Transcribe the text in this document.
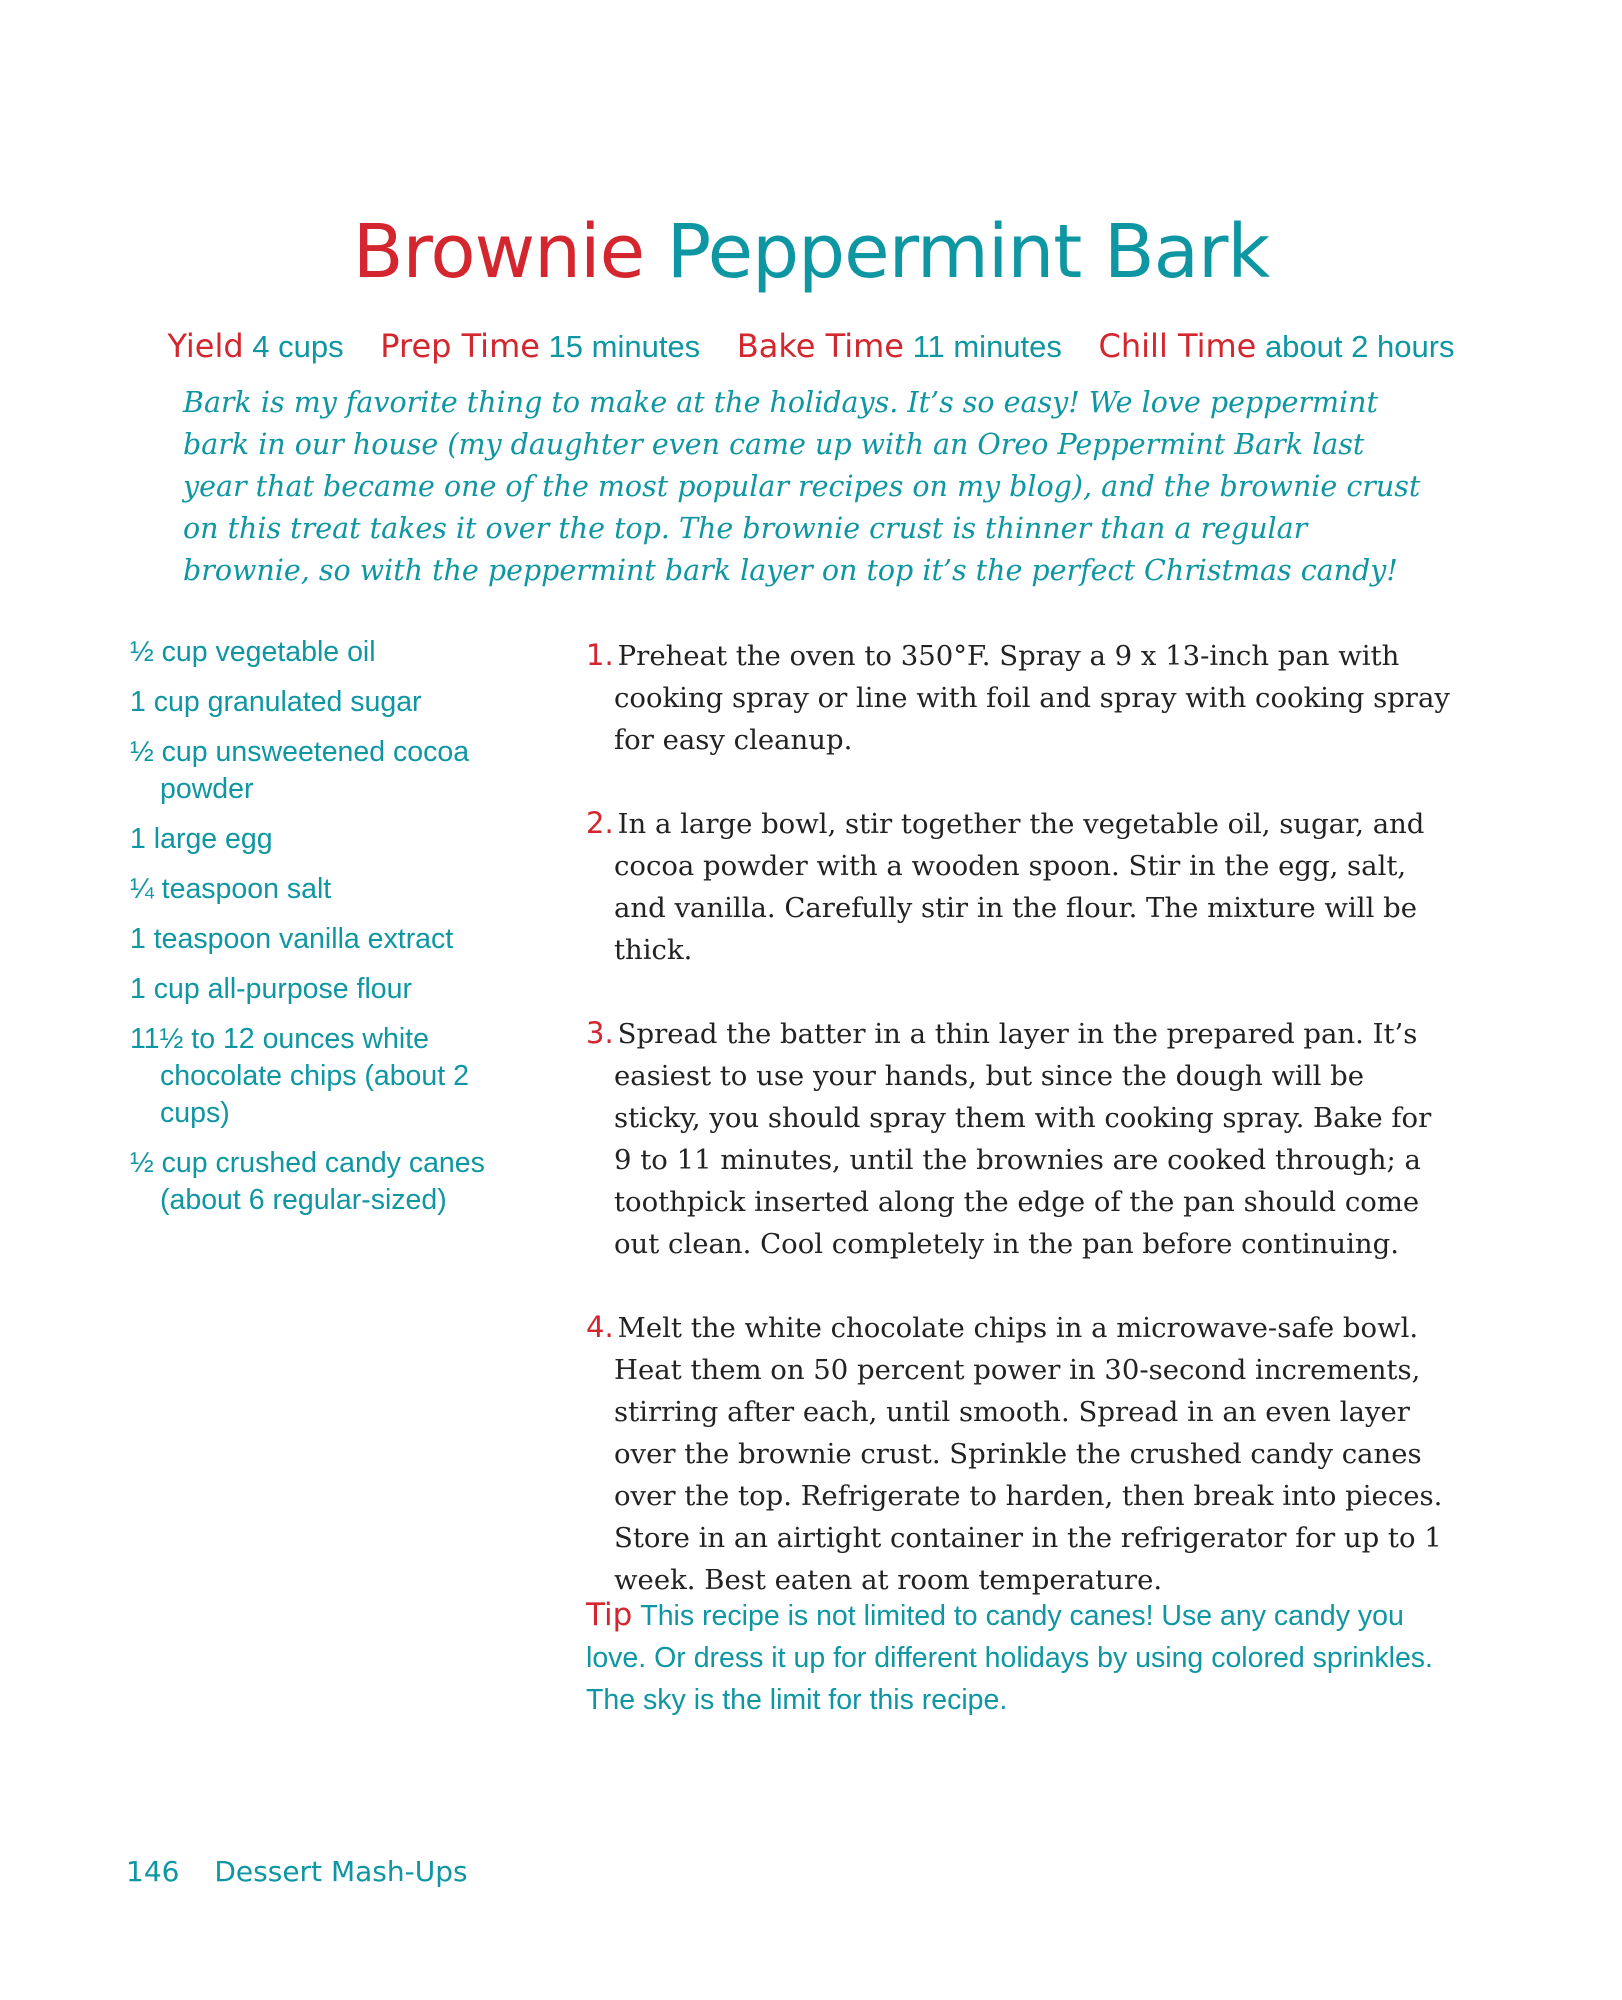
Brownie Peppermint Bark
Yield 4 cups Prep Time 15 minutes Bake Time 11 minutes Chill Time about 2 hours

Bark is my favorite thing to make at the holidays. It’s so easy! We love peppermint bark in our house (my daughter even came up with an Oreo Peppermint Bark last year that became one of the most popular recipes on my blog), and the brownie crust on this treat takes it over the top. The brownie crust is thinner than a regular brownie, so with the peppermint bark layer on top it’s the perfect Christmas candy!

½ cup vegetable oil
1 cup granulated sugar
½ cup unsweetened cocoa powder
1 large egg
¼ teaspoon salt
1 teaspoon vanilla extract
1 cup all-purpose flour
11½ to 12 ounces white chocolate chips (about 2 cups)
½ cup crushed candy canes (about 6 regular-sized)
1. Preheat the oven to 350°F. Spray a 9 x 13-inch pan with cooking spray or line with foil and spray with cooking spray for easy cleanup.
2. In a large bowl, stir together the vegetable oil, sugar, and cocoa powder with a wooden spoon. Stir in the egg, salt, and vanilla. Carefully stir in the flour. The mixture will be thick.
3. Spread the batter in a thin layer in the prepared pan. It’s easiest to use your hands, but since the dough will be sticky, you should spray them with cooking spray. Bake for 9 to 11 minutes, until the brownies are cooked through; a toothpick inserted along the edge of the pan should come out clean. Cool completely in the pan before continuing.
4. Melt the white chocolate chips in a microwave-safe bowl. Heat them on 50 percent power in 30-second increments, stirring after each, until smooth. Spread in an even layer over the brownie crust. Sprinkle the crushed candy canes over the top. Refrigerate to harden, then break into pieces. Store in an airtight container in the refrigerator for up to 1 week. Best eaten at room temperature.

Tip This recipe is not limited to candy canes! Use any candy you love. Or dress it up for different holidays by using colored sprinkles. The sky is the limit for this recipe.

146 Dessert Mash-Ups
